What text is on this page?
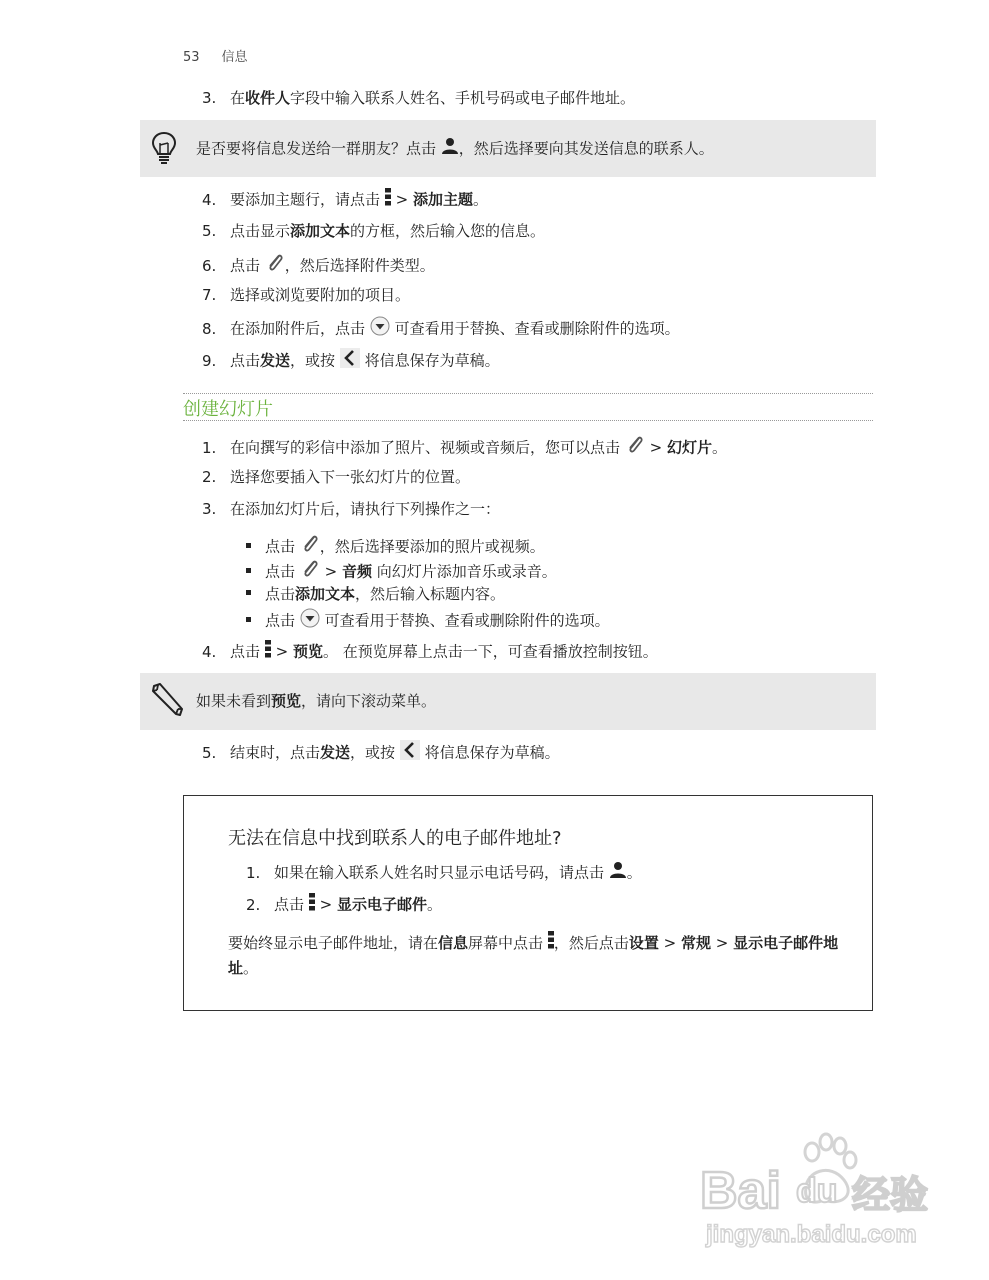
53 信息
3. 在收件人字段中输入联系人姓名、手机号码或电子邮件地址。
是否要将信息发送给一群朋友？点击 ，然后选择要向其发送信息的联系人。
4. 要添加主题行，请点击 > 添加主题。
5. 点击显示添加文本的方框，然后输入您的信息。
6. 点击 ，然后选择附件类型。
7. 选择或浏览要附加的项目。
8. 在添加附件后，点击 可查看用于替换、查看或删除附件的选项。
9. 点击发送，或按 将信息保存为草稿。
创建幻灯片
1. 在向撰写的彩信中添加了照片、视频或音频后，您可以点击 > 幻灯片。
2. 选择您要插入下一张幻灯片的位置。
3. 在添加幻灯片后，请执行下列操作之一：
点击 ，然后选择要添加的照片或视频。
点击 > 音频 向幻灯片添加音乐或录音。
点击添加文本，然后输入标题内容。
点击 可查看用于替换、查看或删除附件的选项。
4. 点击 > 预览。 在预览屏幕上点击一下，可查看播放控制按钮。
如果未看到预览，请向下滚动菜单。
5. 结束时，点击发送，或按 将信息保存为草稿。
无法在信息中找到联系人的电子邮件地址?
1. 如果在输入联系人姓名时只显示电话号码，请点击 。
2. 点击 > 显示电子邮件。
要始终显示电子邮件地址，请在信息屏幕中点击 ，然后点击设置 > 常规 > 显示电子邮件地址。
Bai du 经验
jingyan.baidu.com
